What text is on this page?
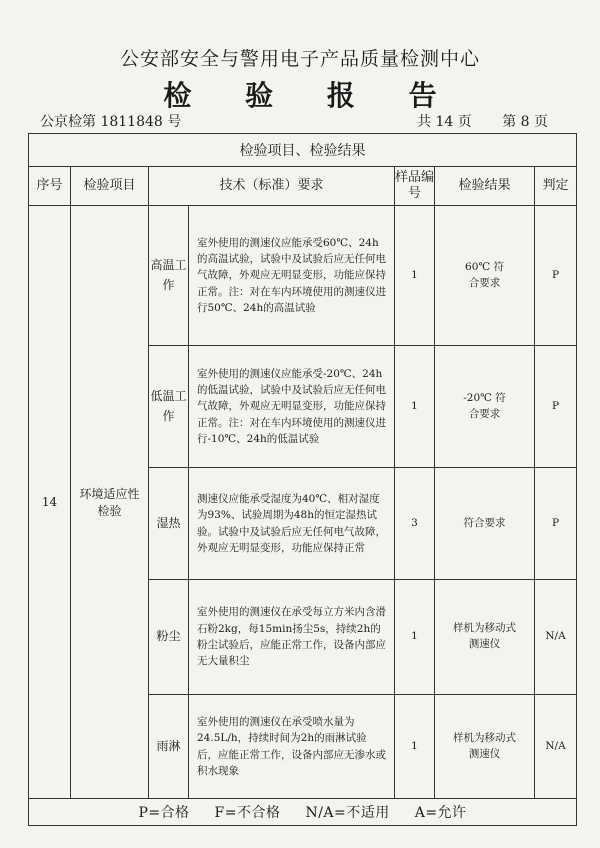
公安部安全与警用电子产品质量检测中心
检 验 报 告
公京检第 1811848 号	共 14 页 第 8 页
检验项目、检验结果						
序号	检验项目	技术（标准）要求		样品编号	检验结果	判定
14	环境适应性检验	高温工作	室外使用的测速仪应能承受60℃、24h的高温试验，试验中及试验后应无任何电气故障，外观应无明显变形，功能应保持正常。注：对在车内环境使用的测速仪进行50℃、24h的高温试验	1	60℃ 符合要求	P
		低温工作	室外使用的测速仪应能承受-20℃、24h的低温试验，试验中及试验后应无任何电气故障，外观应无明显变形，功能应保持正常。注：对在车内环境使用的测速仪进行-10℃、24h的低温试验	1	-20℃ 符合要求	P
		湿热	测速仪应能承受湿度为40℃、相对湿度为93%、试验周期为48h的恒定湿热试验。试验中及试验后应无任何电气故障，外观应无明显变形，功能应保持正常	3	符合要求	P
		粉尘	室外使用的测速仪在承受每立方米内含滑石粉2kg，每15min扬尘5s，持续2h的粉尘试验后，应能正常工作，设备内部应无大量积尘	1	样机为移动式测速仪	N/A
		雨淋	室外使用的测速仪在承受喷水量为24.5L/h，持续时间为2h的雨淋试验后，应能正常工作，设备内部应无渗水或积水现象	1	样机为移动式测速仪	N/A
P=合格 F=不合格 N/A=不适用 A=允许						
